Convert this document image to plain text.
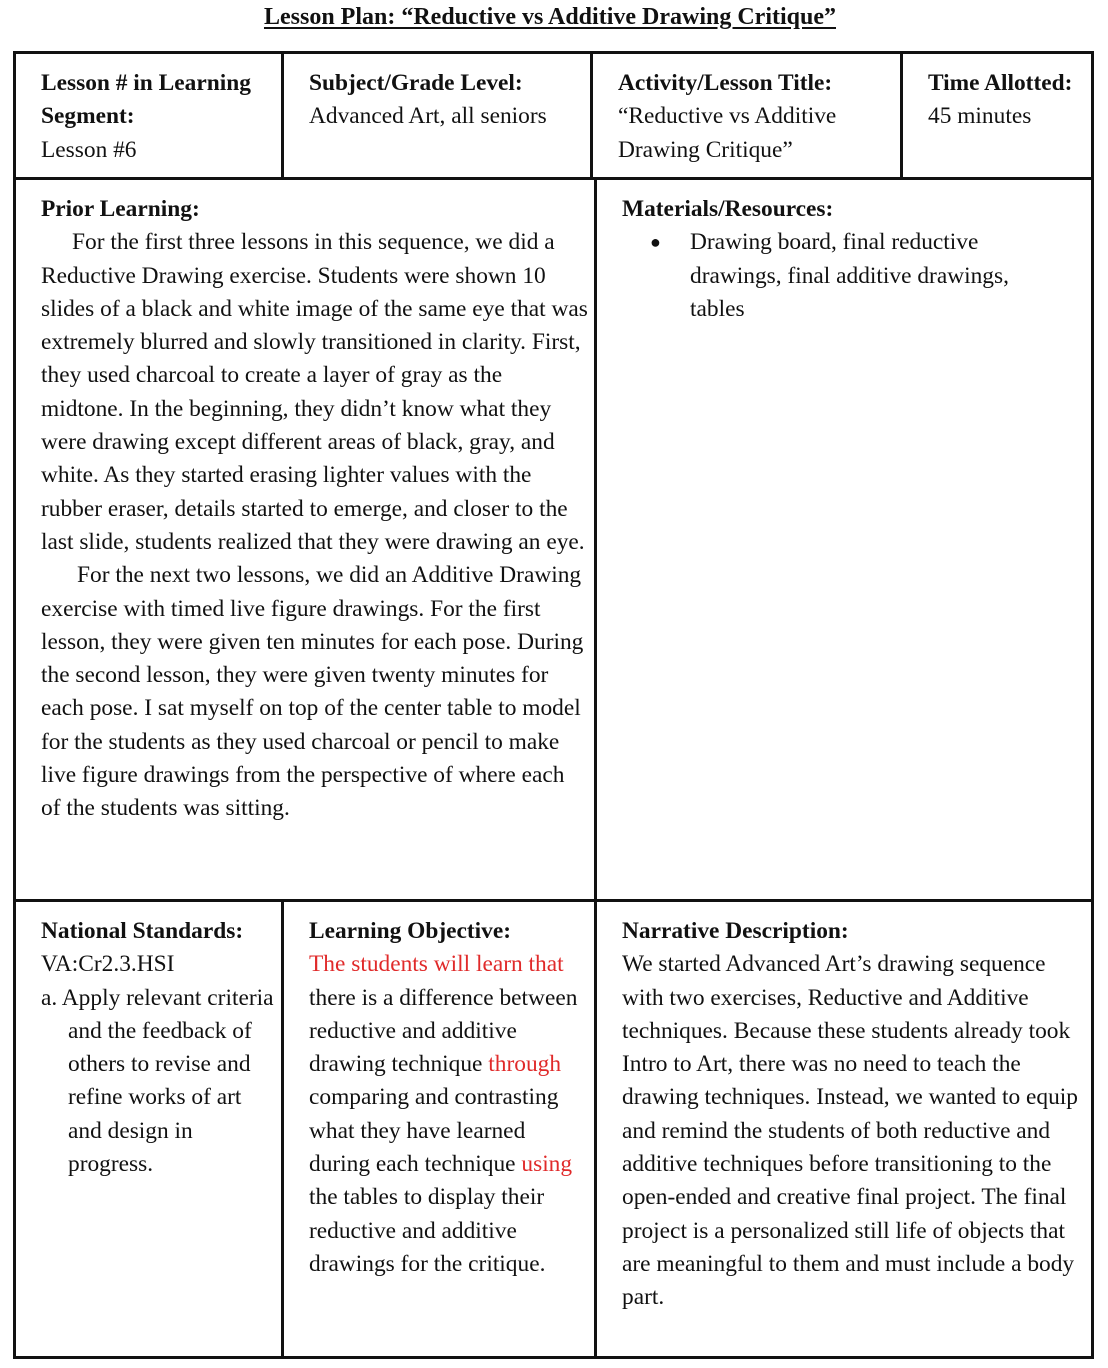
Lesson Plan: “Reductive vs Additive Drawing Critique”
Lesson # in Learning Segment:
Lesson #6
Subject/Grade Level:
Advanced Art, all seniors
Activity/Lesson Title:
“Reductive vs Additive Drawing Critique”
Time Allotted:
45 minutes
Prior Learning:
For the first three lessons in this sequence, we did a Reductive Drawing exercise. Students were shown 10 slides of a black and white image of the same eye that was extremely blurred and slowly transitioned in clarity. First, they used charcoal to create a layer of gray as the midtone. In the beginning, they didn’t know what they were drawing except different areas of black, gray, and white. As they started erasing lighter values with the rubber eraser, details started to emerge, and closer to the last slide, students realized that they were drawing an eye.
For the next two lessons, we did an Additive Drawing exercise with timed live figure drawings. For the first lesson, they were given ten minutes for each pose. During the second lesson, they were given twenty minutes for each pose. I sat myself on top of the center table to model for the students as they used charcoal or pencil to make live figure drawings from the perspective of where each of the students was sitting.
Materials/Resources:
● Drawing board, final reductive drawings, final additive drawings, tables
National Standards:
VA:Cr2.3.HSI
a. Apply relevant criteria and the feedback of others to revise and refine works of art and design in progress.
Learning Objective:
The students will learn that there is a difference between reductive and additive drawing technique through comparing and contrasting what they have learned during each technique using the tables to display their reductive and additive drawings for the critique.
Narrative Description:
We started Advanced Art’s drawing sequence with two exercises, Reductive and Additive techniques. Because these students already took Intro to Art, there was no need to teach the drawing techniques. Instead, we wanted to equip and remind the students of both reductive and additive techniques before transitioning to the open-ended and creative final project. The final project is a personalized still life of objects that are meaningful to them and must include a body part.
